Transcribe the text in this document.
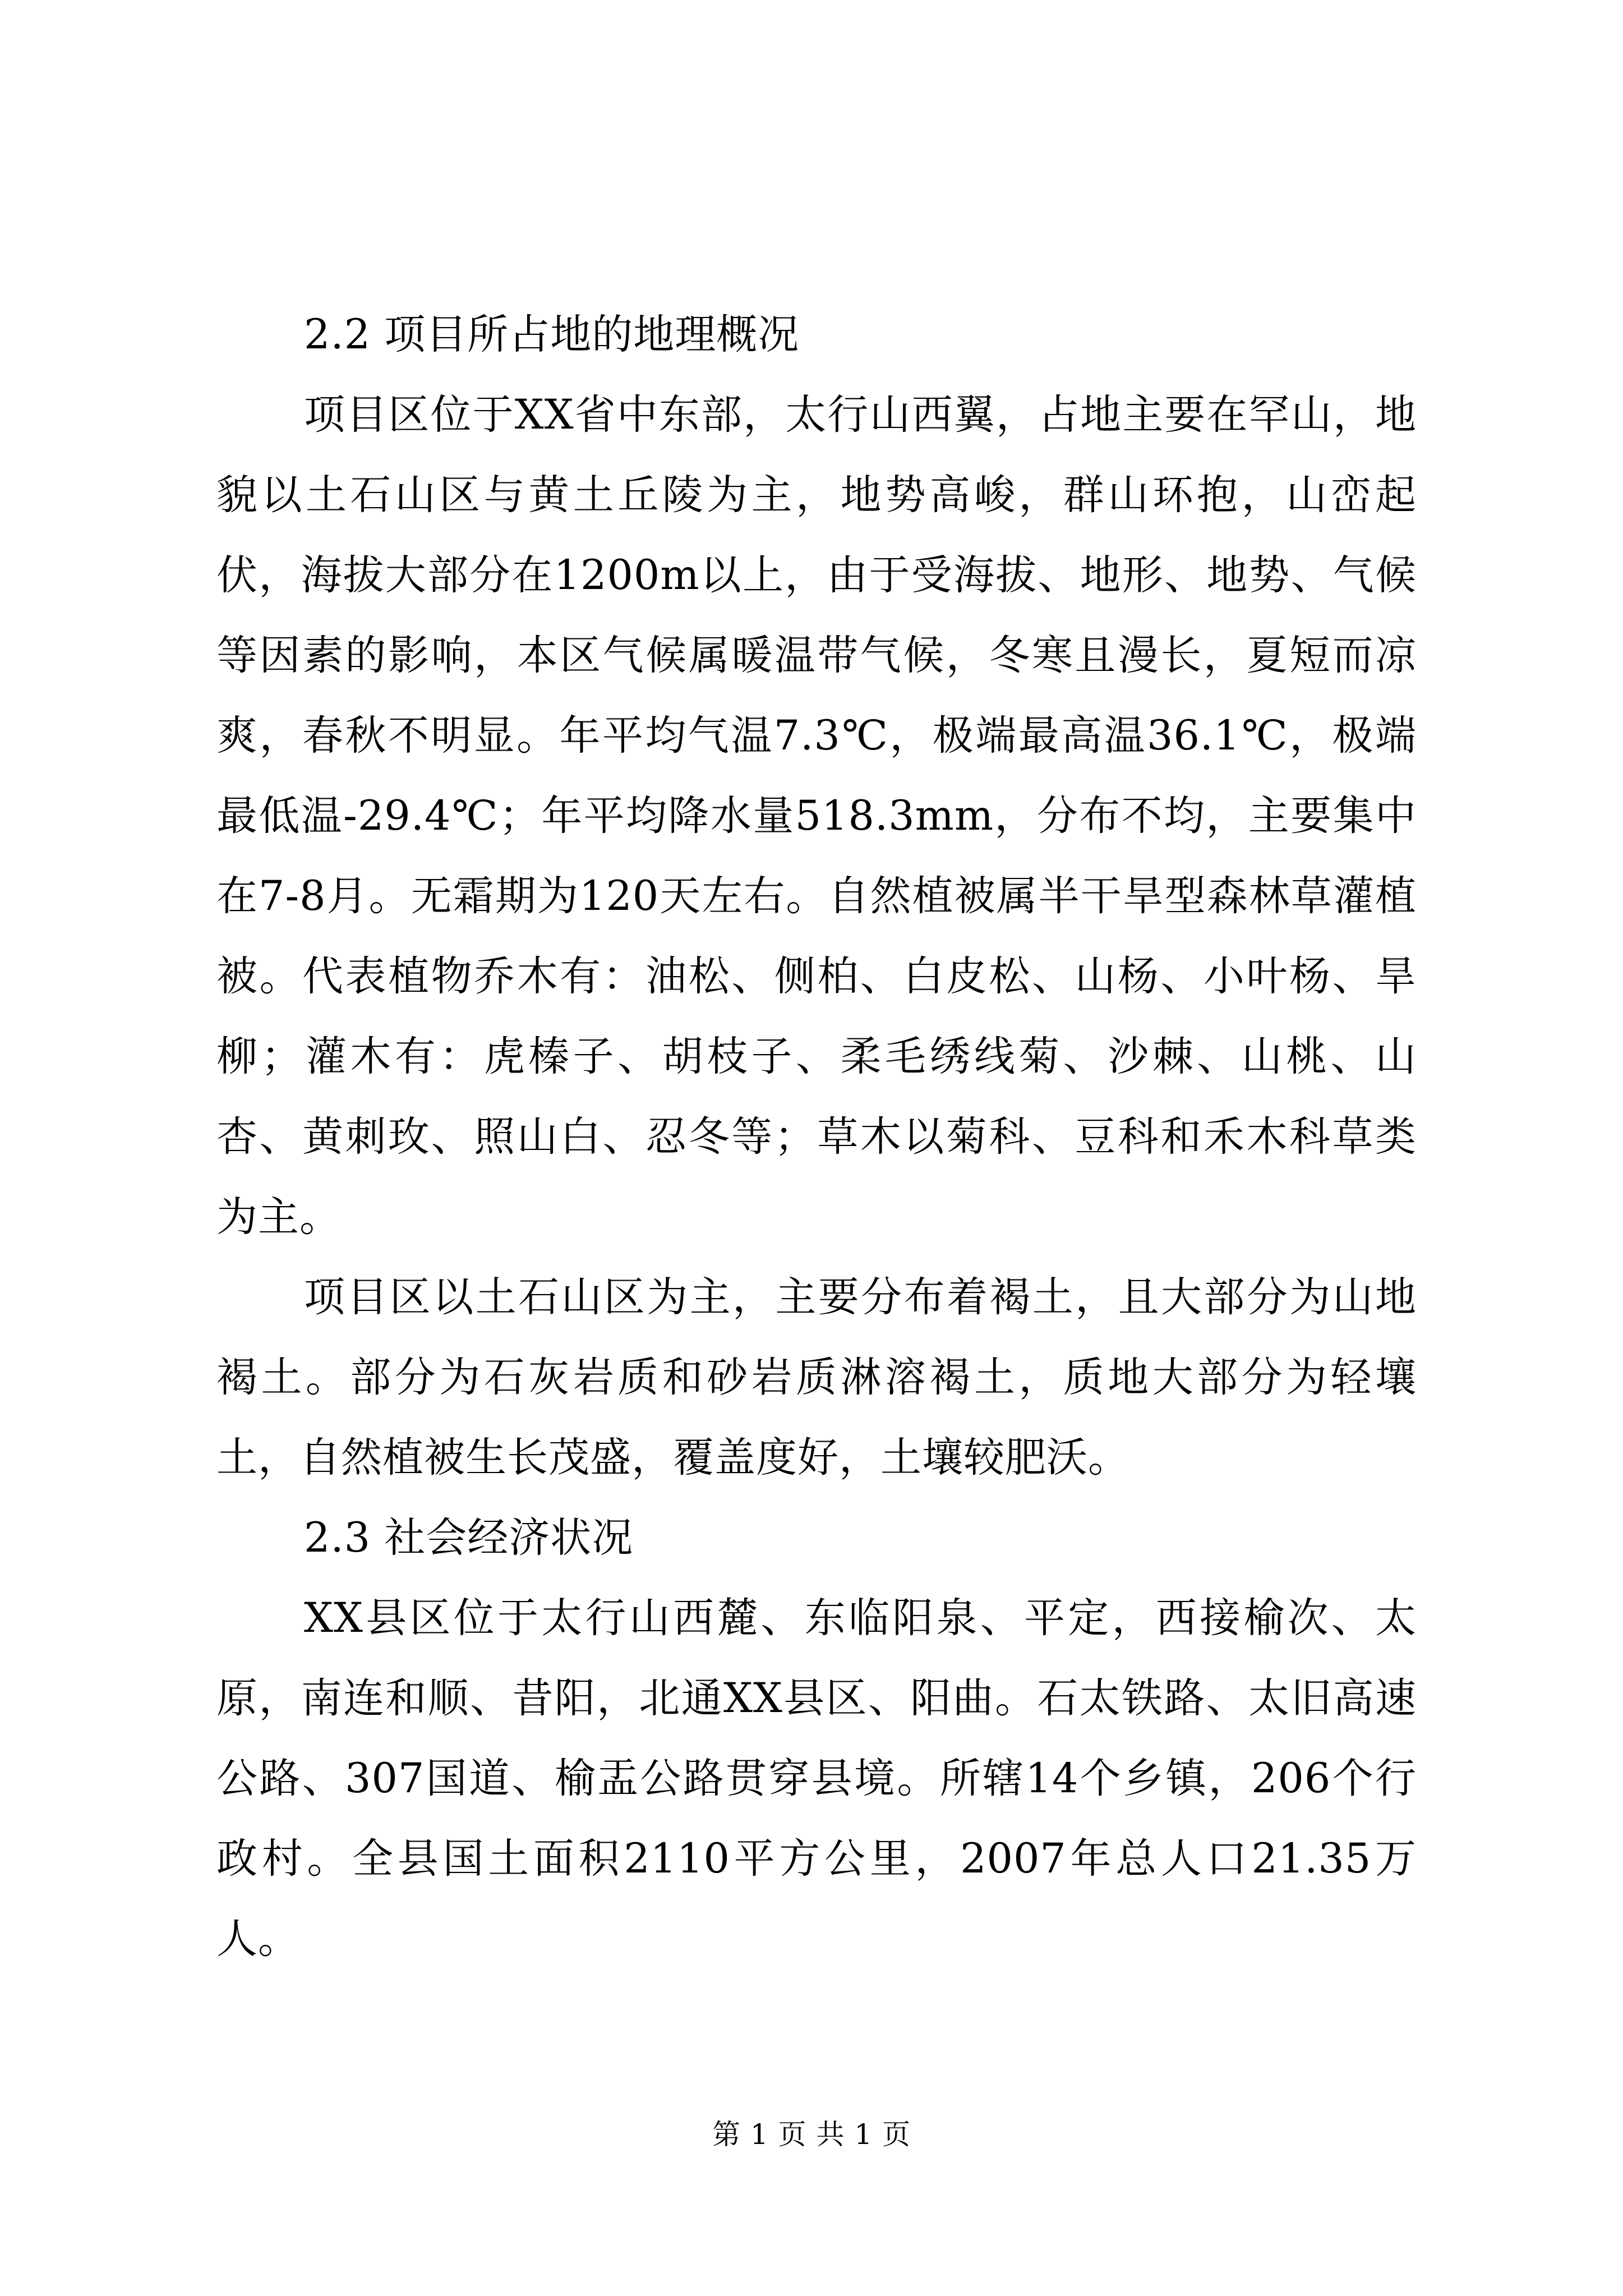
2.2 项目所占地的地理概况

项目区位于XX省中东部，太行山西翼，占地主要在罕山，地貌以土石山区与黄土丘陵为主，地势高峻，群山环抱，山峦起伏，海拔大部分在1200m以上，由于受海拔、地形、地势、气候等因素的影响，本区气候属暖温带气候，冬寒且漫长，夏短而凉爽，春秋不明显。年平均气温7.3℃，极端最高温36.1℃，极端最低温-29.4℃；年平均降水量518.3mm，分布不均，主要集中在7-8月。无霜期为120天左右。自然植被属半干旱型森林草灌植被。代表植物乔木有：油松、侧柏、白皮松、山杨、小叶杨、旱柳；灌木有：虎榛子、胡枝子、柔毛绣线菊、沙棘、山桃、山杏、黄刺玫、照山白、忍冬等；草木以菊科、豆科和禾木科草类为主。

项目区以土石山区为主，主要分布着褐土，且大部分为山地褐土。部分为石灰岩质和砂岩质淋溶褐土，质地大部分为轻壤土，自然植被生长茂盛，覆盖度好，土壤较肥沃。

2.3 社会经济状况

XX县区位于太行山西麓、东临阳泉、平定，西接榆次、太原，南连和顺、昔阳，北通XX县区、阳曲。石太铁路、太旧高速公路、307国道、榆盂公路贯穿县境。所辖14个乡镇，206个行政村。全县国土面积2110平方公里，2007年总人口21.35万人。

第 1 页 共 1 页
